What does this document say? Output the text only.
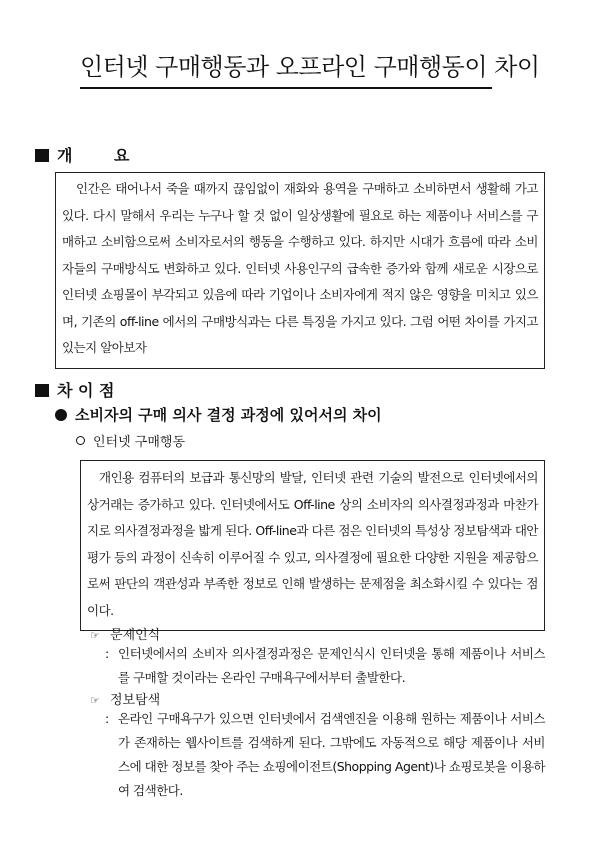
인터넷 구매행동과 오프라인 구매행동이 차이
개 요
인간은 태어나서 죽을 때까지 끊임없이 재화와 용역을 구매하고 소비하면서 생활해 가고 있다. 다시 말해서 우리는 누구나 할 것 없이 일상생활에 필요로 하는 제품이나 서비스를 구매하고 소비함으로써 소비자로서의 행동을 수행하고 있다. 하지만 시대가 흐름에 따라 소비자들의 구매방식도 변화하고 있다. 인터넷 사용인구의 급속한 증가와 함께 새로운 시장으로 인터넷 쇼핑몰이 부각되고 있음에 따라 기업이나 소비자에게 적지 않은 영향을 미치고 있으며, 기존의 off-line 에서의 구매방식과는 다른 특징을 가지고 있다. 그럼 어떤 차이를 가지고 있는지 알아보자
차 이 점
소비자의 구매 의사 결정 과정에 있어서의 차이
인터넷 구매행동
개인용 컴퓨터의 보급과 통신망의 발달, 인터넷 관련 기술의 발전으로 인터넷에서의 상거래는 증가하고 있다. 인터넷에서도 Off-line 상의 소비자의 의사결정과정과 마찬가지로 의사결정과정을 밟게 된다. Off-line과 다른 점은 인터넷의 특성상 정보탐색과 대안 평가 등의 과정이 신속히 이루어질 수 있고, 의사결정에 필요한 다양한 지원을 제공함으로써 판단의 객관성과 부족한 정보로 인해 발생하는 문제점을 최소화시킬 수 있다는 점이다.
☞ 문제인식
: 인터넷에서의 소비자 의사결정과정은 문제인식시 인터넷을 통해 제품이나 서비스를 구매할 것이라는 온라인 구매욕구에서부터 출발한다.
☞ 정보탐색
: 온라인 구매욕구가 있으면 인터넷에서 검색엔진을 이용해 원하는 제품이나 서비스가 존재하는 웹사이트를 검색하게 된다. 그밖에도 자동적으로 해당 제품이나 서비스에 대한 정보를 찾아 주는 쇼핑에이전트(Shopping Agent)나 쇼핑로봇을 이용하여 검색한다.
